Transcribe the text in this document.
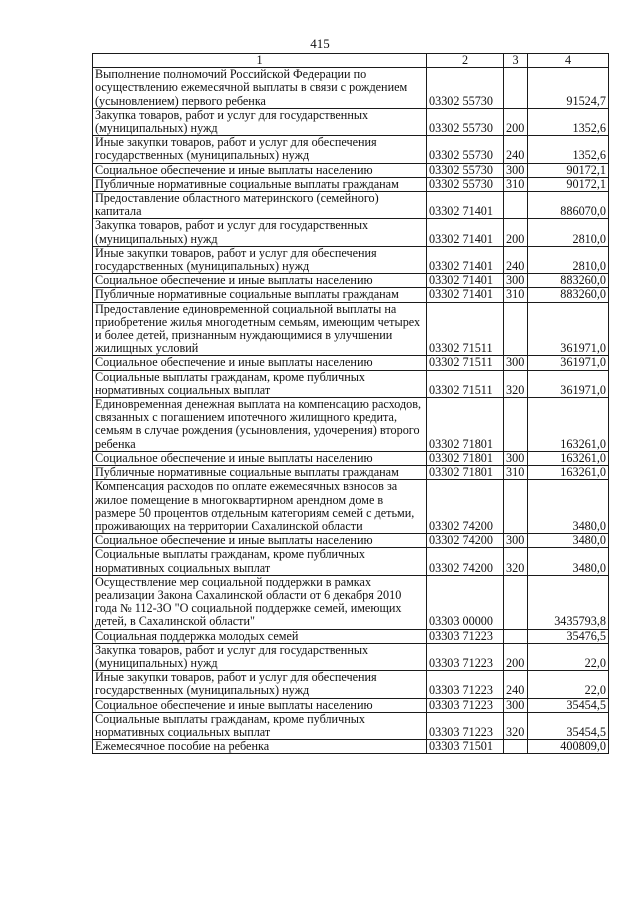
415
1	2	3	4
Выполнение полномочий Российской Федерации по осуществлению ежемесячной выплаты в связи с рождением (усыновлением) первого ребенка	03302 55730		91524,7
Закупка товаров, работ и услуг для государственных (муниципальных) нужд	03302 55730	200	1352,6
Иные закупки товаров, работ и услуг для обеспечения государственных (муниципальных) нужд	03302 55730	240	1352,6
Социальное обеспечение и иные выплаты населению	03302 55730	300	90172,1
Публичные нормативные социальные выплаты гражданам	03302 55730	310	90172,1
Предоставление областного материнского (семейного) капитала	03302 71401		886070,0
Закупка товаров, работ и услуг для государственных (муниципальных) нужд	03302 71401	200	2810,0
Иные закупки товаров, работ и услуг для обеспечения государственных (муниципальных) нужд	03302 71401	240	2810,0
Социальное обеспечение и иные выплаты населению	03302 71401	300	883260,0
Публичные нормативные социальные выплаты гражданам	03302 71401	310	883260,0
Предоставление единовременной социальной выплаты на приобретение жилья многодетным семьям, имеющим четырех и более детей, признанным нуждающимися в улучшении жилищных условий	03302 71511		361971,0
Социальное обеспечение и иные выплаты населению	03302 71511	300	361971,0
Социальные выплаты гражданам, кроме публичных нормативных социальных выплат	03302 71511	320	361971,0
Единовременная денежная выплата на компенсацию расходов, связанных с погашением ипотечного жилищного кредита, семьям в случае рождения (усыновления, удочерения) второго ребенка	03302 71801		163261,0
Социальное обеспечение и иные выплаты населению	03302 71801	300	163261,0
Публичные нормативные социальные выплаты гражданам	03302 71801	310	163261,0
Компенсация расходов по оплате ежемесячных взносов за жилое помещение в многоквартирном арендном доме в размере 50 процентов отдельным категориям семей с детьми, проживающих на территории Сахалинской области	03302 74200		3480,0
Социальное обеспечение и иные выплаты населению	03302 74200	300	3480,0
Социальные выплаты гражданам, кроме публичных нормативных социальных выплат	03302 74200	320	3480,0
Осуществление мер социальной поддержки в рамках реализации Закона Сахалинской области от 6 декабря 2010 года № 112-ЗО "О социальной поддержке семей, имеющих детей, в Сахалинской области"	03303 00000		3435793,8
Социальная поддержка молодых семей	03303 71223		35476,5
Закупка товаров, работ и услуг для государственных (муниципальных) нужд	03303 71223	200	22,0
Иные закупки товаров, работ и услуг для обеспечения государственных (муниципальных) нужд	03303 71223	240	22,0
Социальное обеспечение и иные выплаты населению	03303 71223	300	35454,5
Социальные выплаты гражданам, кроме публичных нормативных социальных выплат	03303 71223	320	35454,5
Ежемесячное пособие на ребенка	03303 71501		400809,0
